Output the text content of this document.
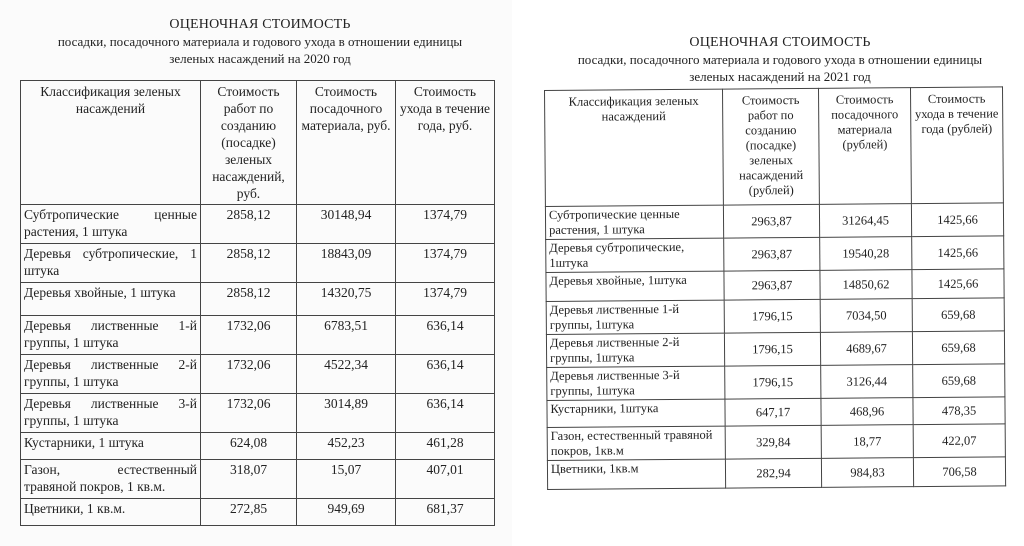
ОЦЕНОЧНАЯ СТОИМОСТЬ
посадки, посадочного материала и годового ухода в отношении единицы
зеленых насаждений на 2020 год
Классификация зеленых насаждений	Стоимость работ по созданию (посадке) зеленых насаждений, руб.	Стоимость посадочного материала, руб.	Стоимость ухода в течение года, руб.
Субтропические ценные растения, 1 штука	2858,12	30148,94	1374,79
Деревья субтропические, 1 штука	2858,12	18843,09	1374,79
Деревья хвойные, 1 штука	2858,12	14320,75	1374,79
Деревья лиственные 1-й группы, 1 штука	1732,06	6783,51	636,14
Деревья лиственные 2-й группы, 1 штука	1732,06	4522,34	636,14
Деревья лиственные 3-й группы, 1 штука	1732,06	3014,89	636,14
Кустарники, 1 штука	624,08	452,23	461,28
Газон, естественный травяной покров, 1 кв.м.	318,07	15,07	407,01
Цветники, 1 кв.м.	272,85	949,69	681,37
ОЦЕНОЧНАЯ СТОИМОСТЬ
посадки, посадочного материала и годового ухода в отношении единицы
зеленых насаждений на 2021 год
Классификация зеленых насаждений	Стоимость работ по созданию (посадке) зеленых насаждений (рублей)	Стоимость посадочного материала (рублей)	Стоимость ухода в течение года (рублей)
Субтропические ценные растения, 1 штука	2963,87	31264,45	1425,66
Деревья субтропические, 1штука	2963,87	19540,28	1425,66
Деревья хвойные, 1штука	2963,87	14850,62	1425,66
Деревья лиственные 1-й группы, 1штука	1796,15	7034,50	659,68
Деревья лиственные 2-й группы, 1штука	1796,15	4689,67	659,68
Деревья лиственные 3-й группы, 1штука	1796,15	3126,44	659,68
Кустарники, 1штука	647,17	468,96	478,35
Газон, естественный травяной покров, 1кв.м	329,84	18,77	422,07
Цветники, 1кв.м	282,94	984,83	706,58
